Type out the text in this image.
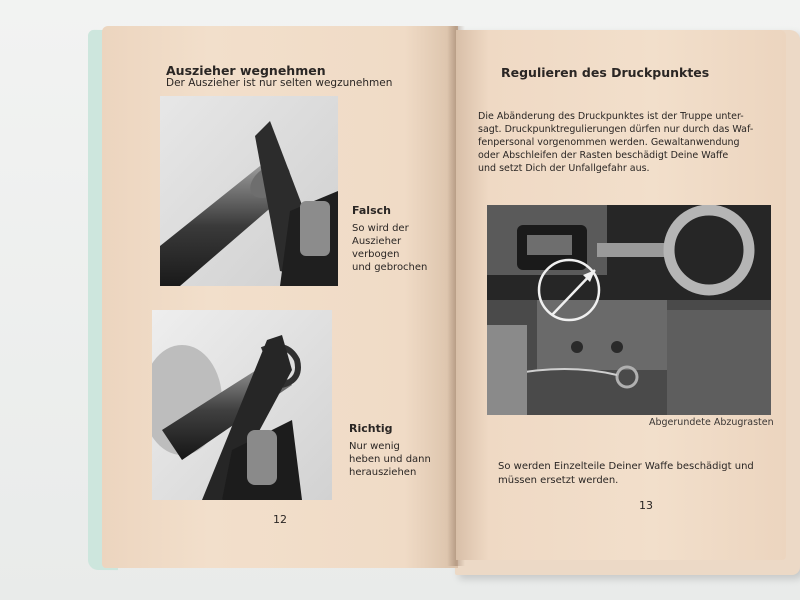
Auszieher wegnehmen

Der Auszieher ist nur selten wegzunehmen

Falsch

So wird der

Auszieher

verbogen

und gebrochen

Richtig

Nur wenig

heben und dann

herausziehen

12

Regulieren des Druckpunktes

Die Abänderung des Druckpunktes ist der Truppe unter-

sagt. Druckpunktregulierungen dürfen nur durch das Waf-

fenpersonal vorgenommen werden. Gewaltanwendung

oder Abschleifen der Rasten beschädigt Deine Waffe

und setzt Dich der Unfallgefahr aus.

Abgerundete Abzugrasten

So werden Einzelteile Deiner Waffe beschädigt und

müssen ersetzt werden.

13
